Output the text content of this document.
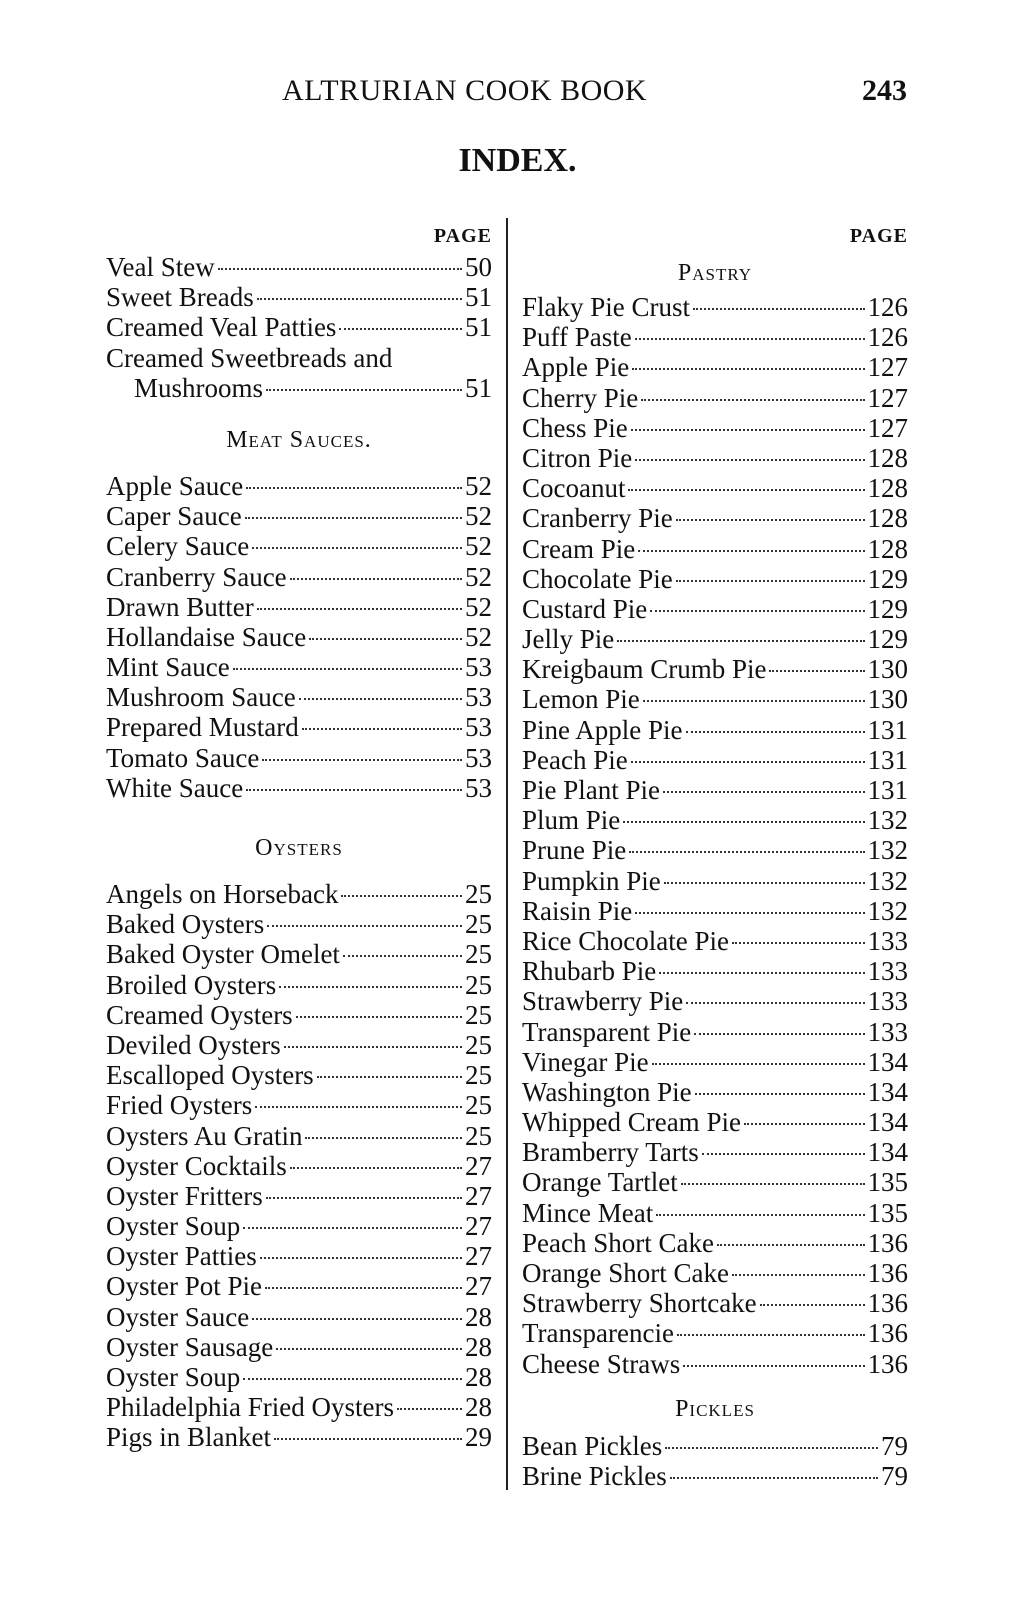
ALTRURIAN COOK BOOK	243
INDEX.
PAGE
Veal Stew	50
Sweet Breads	51
Creamed Veal Patties	51
Creamed Sweetbreads and
Mushrooms	51
Meat Sauces.
Apple Sauce	52
Caper Sauce	52
Celery Sauce	52
Cranberry Sauce	52
Drawn Butter	52
Hollandaise Sauce	52
Mint Sauce	53
Mushroom Sauce	53
Prepared Mustard	53
Tomato Sauce	53
White Sauce	53
Oysters
Angels on Horseback	25
Baked Oysters	25
Baked Oyster Omelet	25
Broiled Oysters	25
Creamed Oysters	25
Deviled Oysters	25
Escalloped Oysters	25
Fried Oysters	25
Oysters Au Gratin	25
Oyster Cocktails	27
Oyster Fritters	27
Oyster Soup	27
Oyster Patties	27
Oyster Pot Pie	27
Oyster Sauce	28
Oyster Sausage	28
Oyster Soup	28
Philadelphia Fried Oysters	28
Pigs in Blanket	29
PAGE
Pastry
Flaky Pie Crust	126
Puff Paste	126
Apple Pie	127
Cherry Pie	127
Chess Pie	127
Citron Pie	128
Cocoanut	128
Cranberry Pie	128
Cream Pie	128
Chocolate Pie	129
Custard Pie	129
Jelly Pie	129
Kreigbaum Crumb Pie	130
Lemon Pie	130
Pine Apple Pie	131
Peach Pie	131
Pie Plant Pie	131
Plum Pie	132
Prune Pie	132
Pumpkin Pie	132
Raisin Pie	132
Rice Chocolate Pie	133
Rhubarb Pie	133
Strawberry Pie	133
Transparent Pie	133
Vinegar Pie	134
Washington Pie	134
Whipped Cream Pie	134
Bramberry Tarts	134
Orange Tartlet	135
Mince Meat	135
Peach Short Cake	136
Orange Short Cake	136
Strawberry Shortcake	136
Transparencie	136
Cheese Straws	136
Pickles
Bean Pickles	79
Brine Pickles	79
